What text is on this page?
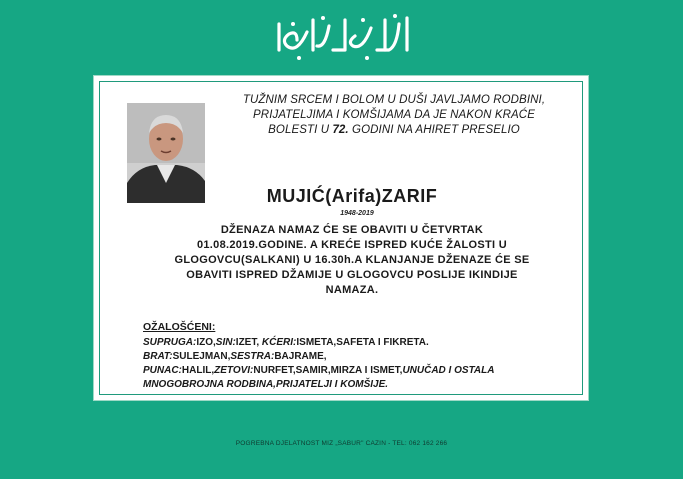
TUŽNIM SRCEM I BOLOM U DUŠI JAVLJAMO RODBINI,
PRIJATELJIMA I KOMŠIJAMA DA JE NAKON KRAĆE
BOLESTI U 72. GODINI NA AHIRET PRESELIO
MUJIĆ(Arifa)ZARIF
1948-2019
DŽENAZA NAMAZ ĆE SE OBAVITI U ČETVRTAK
01.08.2019.GODINE. A KREĆE ISPRED KUĆE ŽALOSTI U
GLOGOVCU(SALKANI) U 16.30h.A KLANJANJE DŽENAZE ĆE SE
OBAVITI ISPRED DŽAMIJE U GLOGOVCU POSLIJE IKINDIJE
NAMAZA.
OŽALOŠĆENI:
SUPRUGA:IZO,SIN:IZET, KĆERI:ISMETA,SAFETA I FIKRETA.
BRAT:SULEJMAN,SESTRA:BAJRAME,
PUNAC:HALIL,ZETOVI:NURFET,SAMIR,MIRZA I ISMET,UNUČAD I OSTALA
MNOGOBROJNA RODBINA,PRIJATELJI I KOMŠIJE.
POGREBNA DJELATNOST MIZ „SABUR" CAZIN - TEL: 062 162 266
